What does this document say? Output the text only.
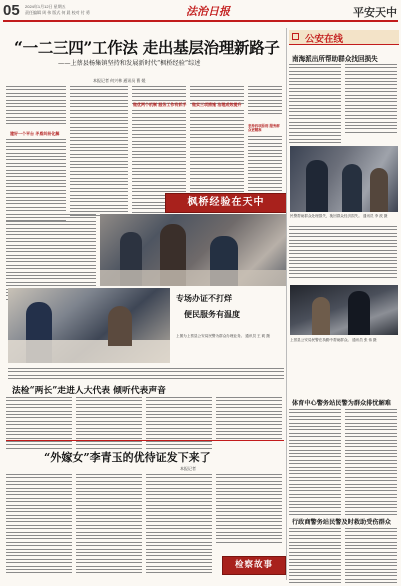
05 2024年1月12日 星期五
责任编辑 周 伟 版式 何 晨 校对 付 勇	法治日报	平安天中
“一二三四”工作法 走出基层治理新路子
——上蔡县杨集镇坚持和发展新时代“枫桥经验”综述
本报记者 何兴林 通讯员 曹 媛
建好一个平台 矛盾纠纷化解
做优两个机制 服务工作有抓手 做实三项措施 治理成效提升
坚持四项原则 服务群众更精准
枫桥经验在天中
公安在线
南海派出所帮助群众找回损失
民警帮助群众处理损失，挽回群众经济损失。 通讯员 李 波 摄
上蔡县公安局民警在执勤中帮助群众。 通讯员 张 伟 摄
体育中心警务站民警为群众排忧解难
行政商警务站民警及时救助受伤群众
专场办证不打烊
便民服务有温度
上图为上蔡县公安局民警为群众办理业务。 通讯员 王 莉 摄
法检“两长”走进人大代表 倾听代表声音
“外嫁女”李青玉的优待证发下来了
本报记者
检察故事
